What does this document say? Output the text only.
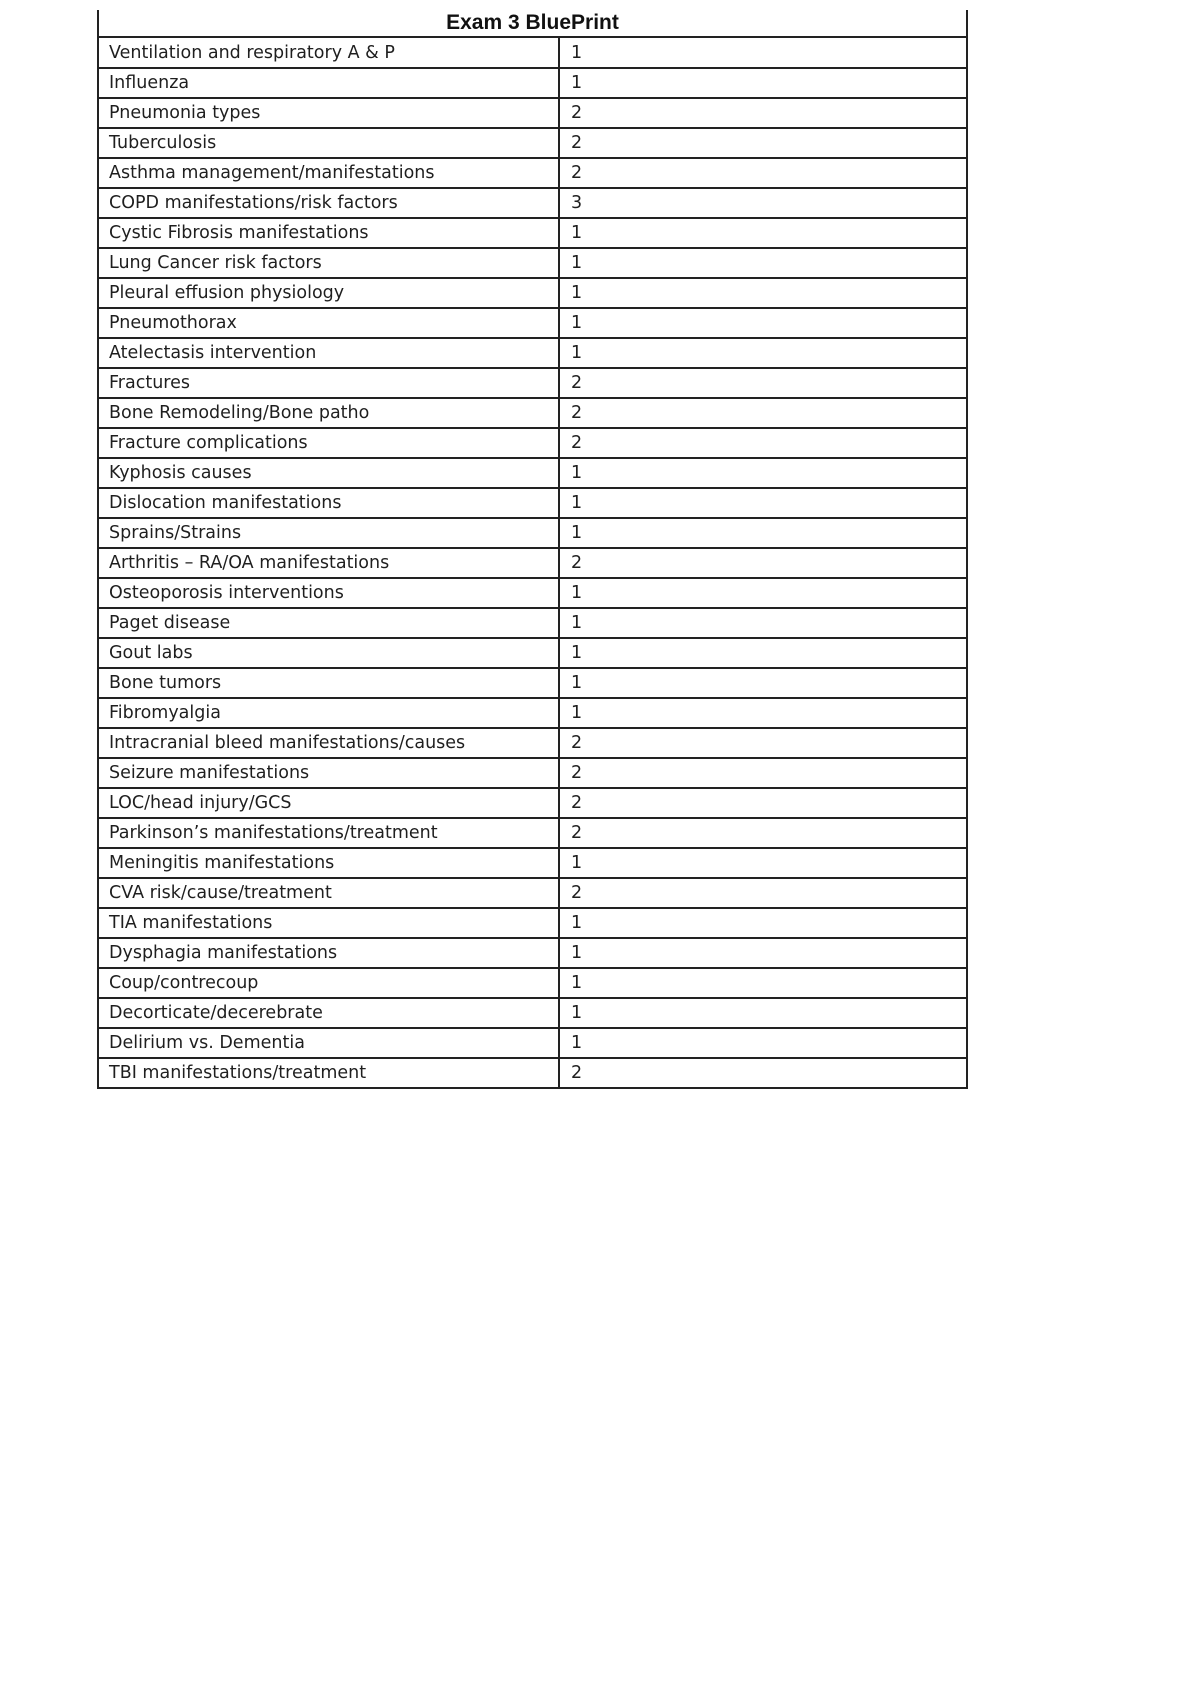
Exam 3 BluePrint
Ventilation and respiratory A & P	1
Influenza	1
Pneumonia types	2
Tuberculosis	2
Asthma management/manifestations	2
COPD manifestations/risk factors	3
Cystic Fibrosis manifestations	1
Lung Cancer risk factors	1
Pleural effusion physiology	1
Pneumothorax	1
Atelectasis intervention	1
Fractures	2
Bone Remodeling/Bone patho	2
Fracture complications	2
Kyphosis causes	1
Dislocation manifestations	1
Sprains/Strains	1
Arthritis – RA/OA manifestations	2
Osteoporosis interventions	1
Paget disease	1
Gout labs	1
Bone tumors	1
Fibromyalgia	1
Intracranial bleed manifestations/causes	2
Seizure manifestations	2
LOC/head injury/GCS	2
Parkinson’s manifestations/treatment	2
Meningitis manifestations	1
CVA risk/cause/treatment	2
TIA manifestations	1
Dysphagia manifestations	1
Coup/contrecoup	1
Decorticate/decerebrate	1
Delirium vs. Dementia	1
TBI manifestations/treatment	2
